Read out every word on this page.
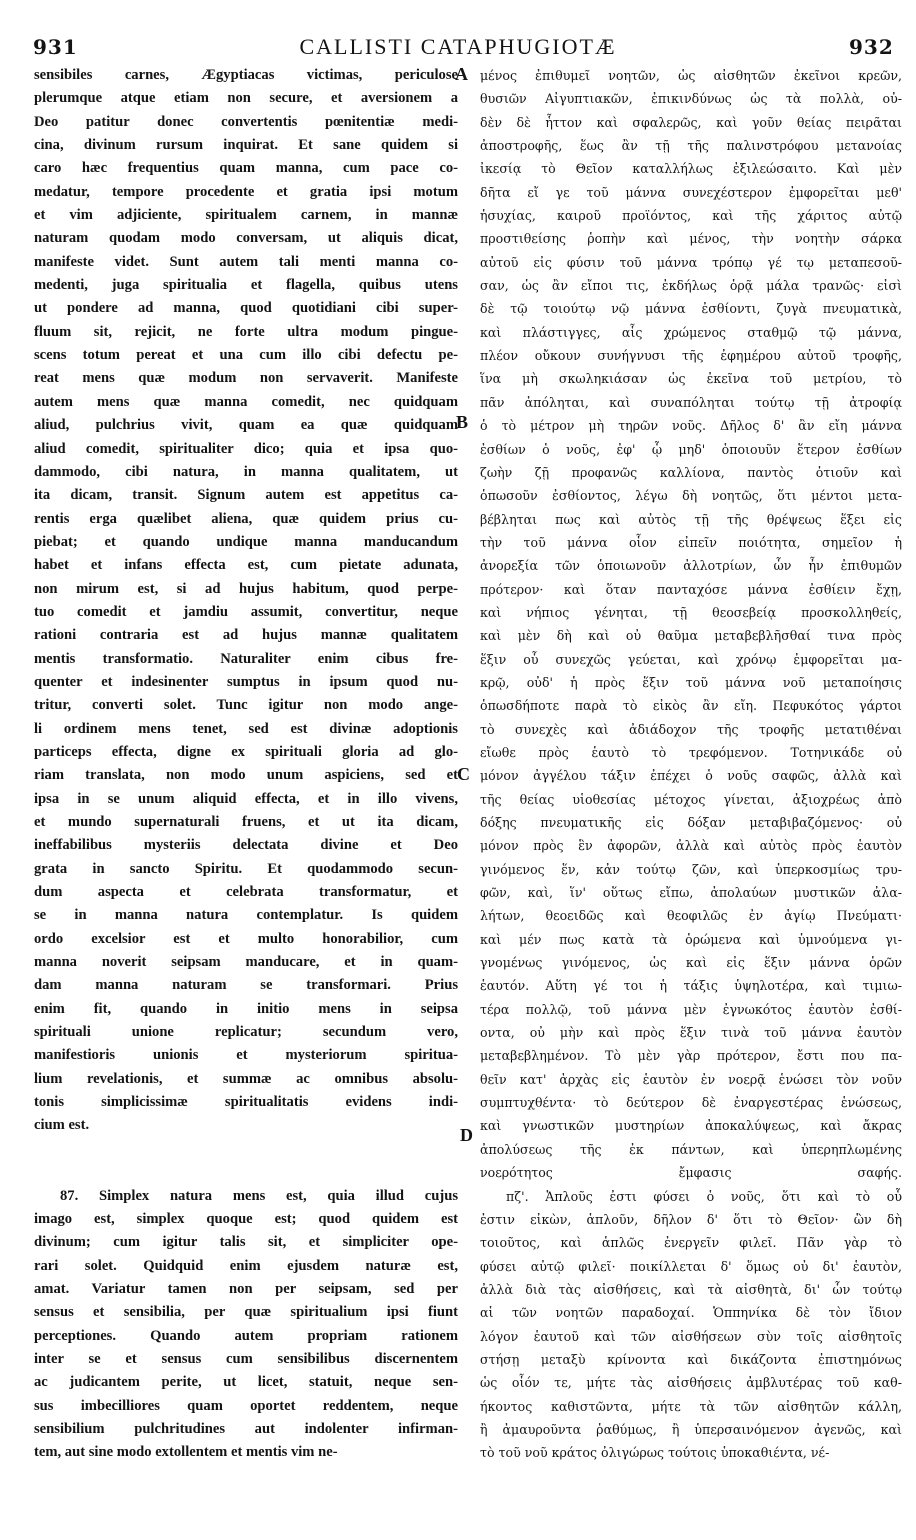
931	CALLISTI CATAPHUGIOTÆ	932
sensibiles carnes, Ægyptiacas victimas, periculose
plerumque atque etiam non secure, et aversionem a
Deo patitur donec convertentis pœnitentiæ medi-
cina, divinum rursum inquirat. Et sane quidem si
caro hæc frequentius quam manna, cum pace co-
medatur, tempore procedente et gratia ipsi motum
et vim adjiciente, spiritualem carnem, in mannæ
naturam quodam modo conversam, ut aliquis dicat,
manifeste videt. Sunt autem tali menti manna co-
medenti, juga spiritualia et flagella, quibus utens
ut pondere ad manna, quod quotidiani cibi super-
fluum sit, rejicit, ne forte ultra modum pingue-
scens totum pereat et una cum illo cibi defectu pe-
reat mens quæ modum non servaverit. Manifeste
autem mens quæ manna comedit, nec quidquam
aliud, pulchrius vivit, quam ea quæ quidquam
aliud comedit, spiritualiter dico; quia et ipsa quo-
dammodo, cibi natura, in manna qualitatem, ut
ita dicam, transit. Signum autem est appetitus ca-
rentis erga quælibet aliena, quæ quidem prius cu-
piebat; et quando undique manna manducandum
habet et infans effecta est, cum pietate adunata,
non mirum est, si ad hujus habitum, quod perpe-
tuo comedit et jamdiu assumit, convertitur, neque
rationi contraria est ad hujus mannæ qualitatem
mentis transformatio. Naturaliter enim cibus fre-
quenter et indesinenter sumptus in ipsum quod nu-
tritur, converti solet. Tunc igitur non modo ange-
li ordinem mens tenet, sed est divinæ adoptionis
particeps effecta, digne ex spirituali gloria ad glo-
riam translata, non modo unum aspiciens, sed et
ipsa in se unum aliquid effecta, et in illo vivens,
et mundo supernaturali fruens, et ut ita dicam,
ineffabilibus mysteriis delectata divine et Deo
grata in sancto Spiritu. Et quodammodo secun-
dum aspecta et celebrata transformatur, et
se in manna natura contemplatur. Is quidem
ordo excelsior est et multo honorabilior, cum
manna noverit seipsam manducare, et in quam-
dam manna naturam se transformari. Prius
enim fit, quando in initio mens in seipsa
spirituali unione replicatur; secundum vero,
manifestioris unionis et mysteriorum spiritua-
lium revelationis, et summæ ac omnibus absolu-
tonis simplicissimæ spiritualitatis evidens indi-
cium est.
87. Simplex natura mens est, quia illud cujus
imago est, simplex quoque est; quod quidem est
divinum; cum igitur talis sit, et simpliciter ope-
rari solet. Quidquid enim ejusdem naturæ est,
amat. Variatur tamen non per seipsam, sed per
sensus et sensibilia, per quæ spiritualium ipsi fiunt
perceptiones. Quando autem propriam rationem
inter se et sensus cum sensibilibus discernentem
ac judicantem perite, ut licet, statuit, neque sen-
sus imbecilliores quam oportet reddentem, neque
sensibilium pulchritudines aut indolenter infirman-
tem, aut sine modo extollentem et mentis vim ne-
μένος ἐπιθυμεῖ νοητῶν, ὡς αἰσθητῶν ἐκεῖνοι κρεῶν,
θυσιῶν Αἰγυπτιακῶν, ἐπικινδύνως ὡς τὰ πολλὰ, οὐ-
δὲν δὲ ἧττον καὶ σφαλερῶς, καὶ γοῦν θείας πειρᾶται
ἀποστροφῆς, ἕως ἂν τῇ τῆς παλινστρόφου μετανοίας
ἰκεσίᾳ τὸ Θεῖον καταλλήλως ἐξιλεώσαιτο. Καὶ μὲν
δῆτα εἴ γε τοῦ μάννα συνεχέστερον ἐμφορεῖται μεθ'
ἡσυχίας, καιροῦ προϊόντος, καὶ τῆς χάριτος αὐτῷ
προστιθείσης ῥοπὴν καὶ μένος, τὴν νοητὴν σάρκα
αὐτοῦ εἰς φύσιν τοῦ μάννα τρόπῳ γέ τῳ μεταπεσοῦ-
σαν, ὡς ἂν εἴποι τις, ἐκδήλως ὁρᾷ μάλα τρανῶς· εἰσὶ
δὲ τῷ τοιούτῳ νῷ μάννα ἐσθίοντι, ζυγὰ πνευματικὰ,
καὶ πλάστιγγες, αἷς χρώμενος σταθμῷ τῷ μάννα,
πλέον οὔκουν συνήγνυσι τῆς ἐφημέρου αὐτοῦ τροφῆς,
ἵνα μὴ σκωληκιάσαν ὡς ἐκεῖνα τοῦ μετρίου, τὸ
πᾶν ἀπόληται, καὶ συναπόληται τούτῳ τῇ ἀτροφίᾳ
ὁ τὸ μέτρον μὴ τηρῶν νοῦς. Δῆλος δ' ἂν εἴη μάννα
ἐσθίων ὁ νοῦς, ἐφ' ᾧ μηδ' ὁποιουῦν ἕτερον ἐσθίων
ζωὴν ζῇ προφανῶς καλλίονα, παντὸς ὁτιοῦν καὶ
ὁπωσοῦν ἐσθίοντος, λέγω δὴ νοητῶς, ὅτι μέντοι μετα-
βέβληται πως καὶ αὐτὸς τῇ τῆς θρέψεως ἕξει εἰς
τὴν τοῦ μάννα οἷον εἰπεῖν ποιότητα, σημεῖον ἡ
ἀνορεξία τῶν ὁποιωνοῦν ἀλλοτρίων, ὧν ἦν ἐπιθυμῶν
πρότερον· καὶ ὅταν πανταχόσε μάννα ἐσθίειν ἔχῃ,
καὶ νήπιος γένηται, τῇ θεοσεβείᾳ προσκολληθείς,
καὶ μὲν δὴ καὶ οὐ θαῦμα μεταβεβλῆσθαί τινα πρὸς
ἕξιν οὗ συνεχῶς γεύεται, καὶ χρόνῳ ἐμφορεῖται μα-
κρῷ, οὐδ' ἡ πρὸς ἕξιν τοῦ μάννα νοῦ μεταποίησις
ὁπωσδήποτε παρὰ τὸ εἰκὸς ἂν εἴη. Πεφυκότος γάρτοι
τὸ συνεχὲς καὶ ἀδιάδοχον τῆς τροφῆς μετατιθέναι
εἴωθε πρὸς ἑαυτὸ τὸ τρεφόμενον. Τοτηνικάδε οὐ
μόνον ἀγγέλου τάξιν ἐπέχει ὁ νοῦς σαφῶς, ἀλλὰ καὶ
τῆς θείας υἱοθεσίας μέτοχος γίνεται, ἀξιοχρέως ἀπὸ
δόξης πνευματικῆς εἰς δόξαν μεταβιβαζόμενος· οὐ
μόνον πρὸς ἓν ἀφορῶν, ἀλλὰ καὶ αὐτὸς πρὸς ἑαυτὸν
γινόμενος ἕν, κἀν τούτῳ ζῶν, καὶ ὑπερκοσμίως τρυ-
φῶν, καὶ, ἵν' οὕτως εἴπω, ἀπολαύων μυστικῶν ἀλα-
λήτων, θεοειδῶς καὶ θεοφιλῶς ἐν ἁγίῳ Πνεύματι·
καὶ μέν πως κατὰ τὰ ὁρώμενα καὶ ὑμνούμενα γι-
γνομένως γινόμενος, ὡς καὶ εἰς ἕξιν μάννα ὁρῶν
ἑαυτόν. Αὕτη γέ τοι ἡ τάξις ὑψηλοτέρα, καὶ τιμιω-
τέρα πολλῷ, τοῦ μάννα μὲν ἐγνωκότος ἑαυτὸν ἐσθί-
οντα, οὐ μὴν καὶ πρὸς ἕξιν τινὰ τοῦ μάννα ἑαυτὸν
μεταβεβλημένον. Τὸ μὲν γὰρ πρότερον, ἔστι που πα-
θεῖν κατ' ἀρχὰς εἰς ἑαυτὸν ἐν νοερᾷ ἑνώσει τὸν νοῦν
συμπτυχθέντα· τὸ δεύτερον δὲ ἐναργεστέρας ἑνώσεως,
καὶ γνωστικῶν μυστηρίων ἀποκαλύψεως, καὶ ἄκρας
ἀπολύσεως τῆς ἐκ πάντων, καὶ ὑπερηπλωμένης
νοερότητος ἔμφασις σαφής.
πζ'. Ἁπλοῦς ἐστι φύσει ὁ νοῦς, ὅτι καὶ τὸ οὗ
ἐστιν εἰκὼν, ἁπλοῦν, δῆλον δ' ὅτι τὸ Θεῖον· ὢν δὴ
τοιοῦτος, καὶ ἁπλῶς ἐνεργεῖν φιλεῖ. Πᾶν γὰρ τὸ
φύσει αὐτῷ φιλεῖ· ποικίλλεται δ' ὅμως οὐ δι' ἑαυτὸν,
ἀλλὰ διὰ τὰς αἰσθήσεις, καὶ τὰ αἰσθητὰ, δι' ὧν τούτῳ
αἱ τῶν νοητῶν παραδοχαί. Ὁππηνίκα δὲ τὸν ἴδιον
λόγον ἑαυτοῦ καὶ τῶν αἰσθήσεων σὺν τοῖς αἰσθητοῖς
στήσῃ μεταξὺ κρίνοντα καὶ δικάζοντα ἐπιστημόνως
ὡς οἷόν τε, μήτε τὰς αἰσθήσεις ἀμβλυτέρας τοῦ καθ-
ήκοντος καθιστῶντα, μήτε τὰ τῶν αἰσθητῶν κάλλη,
ἢ ἀμαυροῦντα ῥαθύμως, ἢ ὑπερσαινόμενον ἀγενῶς, καὶ
τὸ τοῦ νοῦ κράτος ὀλιγώρως τούτοις ὑποκαθιέντα, νέ-
A
B
C
D
